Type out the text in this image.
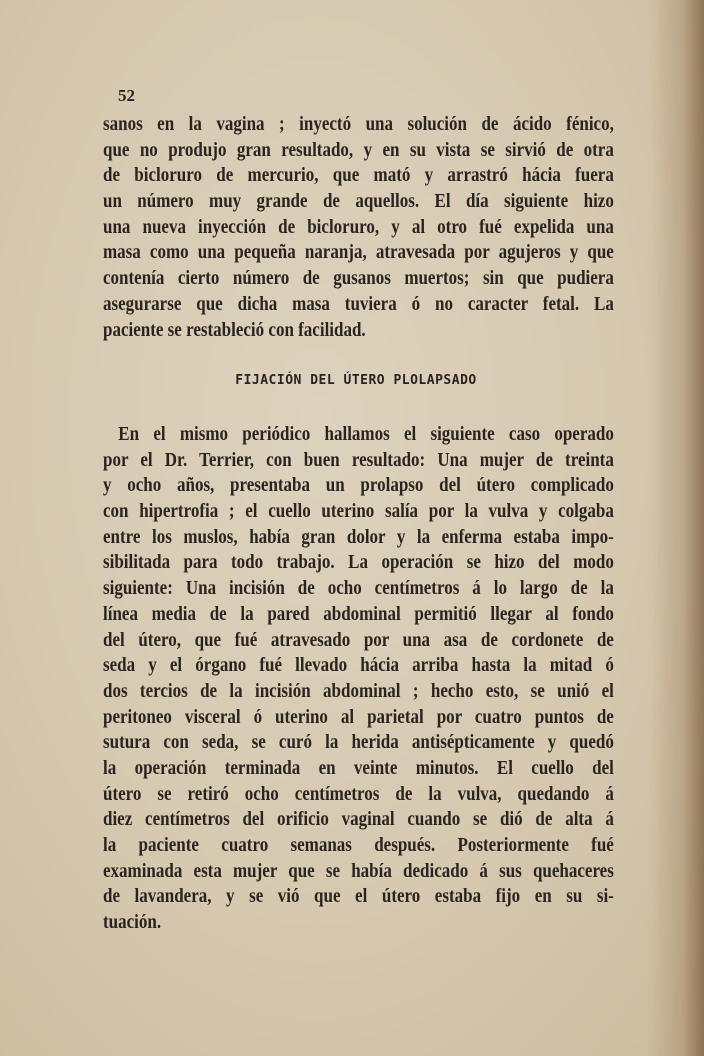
52
sanos en la vagina ; inyectó una solución de ácido fénico,
que no produjo gran resultado, y en su vista se sirvió de otra
de bicloruro de mercurio, que mató y arrastró hácia fuera
un número muy grande de aquellos. El día siguiente hizo
una nueva inyección de bicloruro, y al otro fué expelida una
masa como una pequeña naranja, atravesada por agujeros y que
contenía cierto número de gusanos muertos; sin que pudiera
asegurarse que dicha masa tuviera ó no caracter fetal. La
paciente se restableció con facilidad.
FIJACIÓN DEL ÚTERO PLOLAPSADO
En el mismo periódico hallamos el siguiente caso operado
por el Dr. Terrier, con buen resultado: Una mujer de treinta
y ocho años, presentaba un prolapso del útero complicado
con hipertrofia ; el cuello uterino salía por la vulva y colgaba
entre los muslos, había gran dolor y la enferma estaba impo-
sibilitada para todo trabajo. La operación se hizo del modo
siguiente: Una incisión de ocho centímetros á lo largo de la
línea media de la pared abdominal permitió llegar al fondo
del útero, que fué atravesado por una asa de cordonete de
seda y el órgano fué llevado hácia arriba hasta la mitad ó
dos tercios de la incisión abdominal ; hecho esto, se unió el
peritoneo visceral ó uterino al parietal por cuatro puntos de
sutura con seda, se curó la herida antisépticamente y quedó
la operación terminada en veinte minutos. El cuello del
útero se retiró ocho centímetros de la vulva, quedando á
diez centímetros del orificio vaginal cuando se dió de alta á
la paciente cuatro semanas después. Posteriormente fué
examinada esta mujer que se había dedicado á sus quehaceres
de lavandera, y se vió que el útero estaba fijo en su si-
tuación.
